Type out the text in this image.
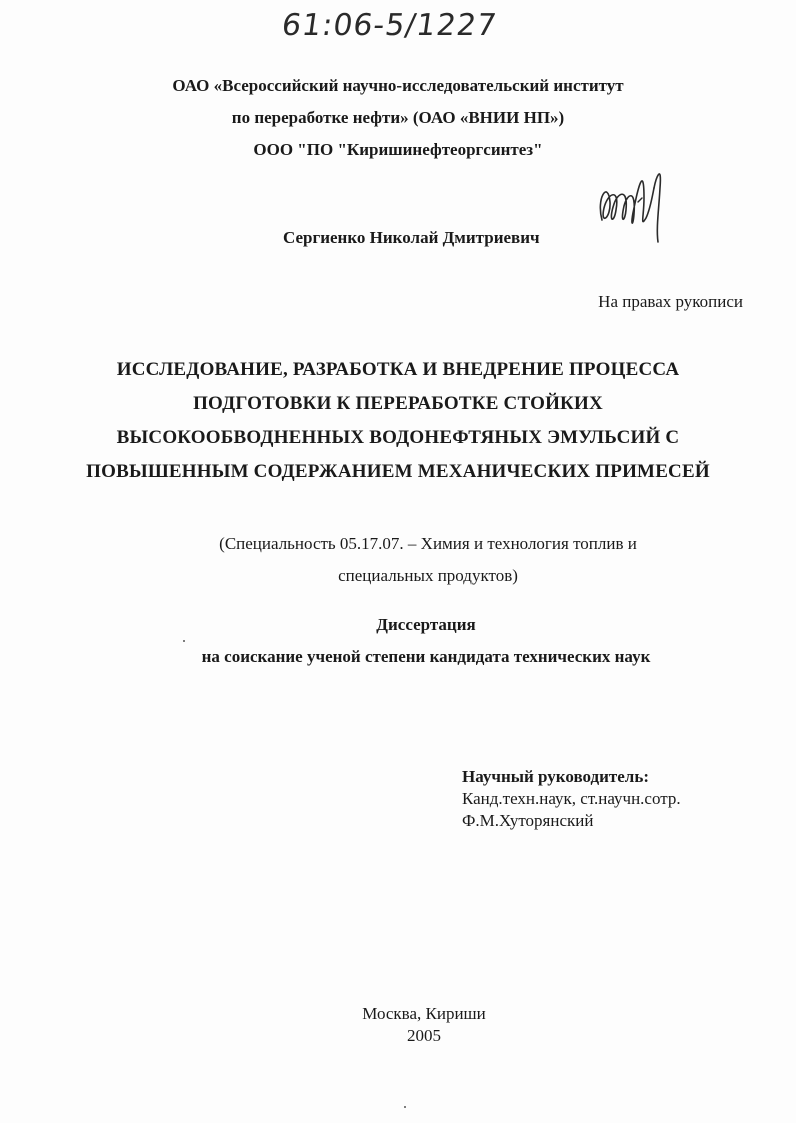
61:06-5/1227
ОАО «Всероссийский научно-исследовательский институт
по переработке нефти» (ОАО «ВНИИ НП»)
ООО "ПО "Киришинефтеоргсинтез"
Сергиенко Николай Дмитриевич
На правах рукописи
ИССЛЕДОВАНИЕ, РАЗРАБОТКА И ВНЕДРЕНИЕ ПРОЦЕССА
ПОДГОТОВКИ К ПЕРЕРАБОТКЕ СТОЙКИХ
ВЫСОКООБВОДНЕННЫХ ВОДОНЕФТЯНЫХ ЭМУЛЬСИЙ С
ПОВЫШЕННЫМ СОДЕРЖАНИЕМ МЕХАНИЧЕСКИХ ПРИМЕСЕЙ
(Специальность 05.17.07. – Химия и технология топлив и
специальных продуктов)
Диссертация
на соискание ученой степени кандидата технических наук
Научный руководитель:
Канд.техн.наук, ст.научн.сотр.
Ф.М.Хуторянский
Москва, Кириши
2005
